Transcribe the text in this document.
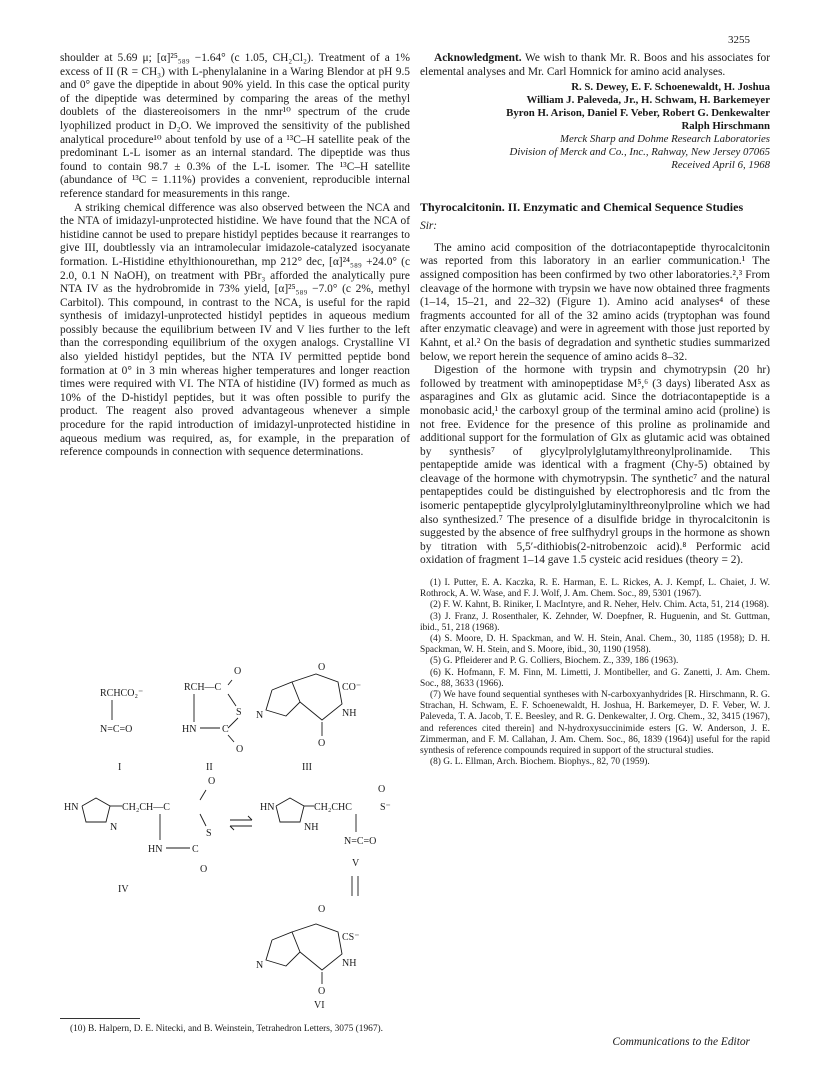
3255

shoulder at 5.69 μ; [α]²⁵₅₈₉ −1.64° (c 1.05, CH₂Cl₂). Treatment of a 1% excess of II (R = CH₃) with L-phenylalanine in a Waring Blendor at pH 9.5 and 0° gave the dipeptide in about 90% yield. In this case the optical purity of the dipeptide was determined by comparing the areas of the methyl doublets of the diastereoisomers in the nmr¹⁰ spectrum of the crude lyophilized product in D₂O. We improved the sensitivity of the published analytical procedure¹⁰ about tenfold by use of a ¹³C–H satellite peak of the predominant L-L isomer as an internal standard. The dipeptide was thus found to contain 98.7 ± 0.3% of the L-L isomer. The ¹³C–H satellite (abundance of ¹³C = 1.11%) provides a convenient, reproducible internal reference standard for measurements in this range.

A striking chemical difference was also observed between the NCA and the NTA of imidazyl-unprotected histidine. We have found that the NCA of histidine cannot be used to prepare histidyl peptides because it rearranges to give III, doubtlessly via an intramolecular imidazole-catalyzed isocyanate formation. L-Histidine ethylthionourethan, mp 212° dec, [α]²⁴₅₈₉ +24.0° (c 2.0, 0.1 N NaOH), on treatment with PBr₃ afforded the analytically pure NTA IV as the hydrobromide in 73% yield, [α]²⁵₅₈₉ −7.0° (c 2%, methyl Carbitol). This compound, in contrast to the NCA, is useful for the rapid synthesis of imidazyl-unprotected histidyl peptides in aqueous medium possibly because the equilibrium between IV and V lies further to the left than the corresponding equilibrium of the oxygen analogs. Crystalline VI also yielded histidyl peptides, but the NTA IV permitted peptide bond formation at 0° in 3 min whereas higher temperatures and longer reaction times were required with VI. The NTA of histidine (IV) formed as much as 10% of the D-histidyl peptides, but it was often possible to purify the product. The reagent also proved advantageous whenever a simple procedure for the rapid introduction of imidazyl-unprotected histidine in aqueous medium was required, as, for example, in the preparation of reference compounds in connection with sequence determinations.

RCHCO₂⁻
N=C=O
I
RCH—C
O
S
HN	C
O
II
O
CO⁻
N	NH
O
III
HN
N
CH₂CH—C
O
S
HN	C
O
IV
HN
NH
CH₂CHC
O
S⁻
N=C=O
V
O
CS⁻
N	NH
O
VI
(10) B. Halpern, D. E. Nitecki, and B. Weinstein, Tetrahedron Letters, 3075 (1967).

Acknowledgment. We wish to thank Mr. R. Boos and his associates for elemental analyses and Mr. Carl Homnick for amino acid analyses.

R. S. Dewey, E. F. Schoenewaldt, H. Joshua
William J. Paleveda, Jr., H. Schwam, H. Barkemeyer
Byron H. Arison, Daniel F. Veber, Robert G. Denkewalter
Ralph Hirschmann
Merck Sharp and Dohme Research Laboratories
Division of Merck and Co., Inc., Rahway, New Jersey 07065
Received April 6, 1968
Thyrocalcitonin. II. Enzymatic and Chemical Sequence Studies
Sir:

The amino acid composition of the dotriacontapeptide thyrocalcitonin was reported from this laboratory in an earlier communication.¹ The assigned composition has been confirmed by two other laboratories.²,³ From cleavage of the hormone with trypsin we have now obtained three fragments (1–14, 15–21, and 22–32) (Figure 1). Amino acid analyses⁴ of these fragments accounted for all of the 32 amino acids (tryptophan was found after enzymatic cleavage) and were in agreement with those just reported by Kahnt, et al.² On the basis of degradation and synthetic studies summarized below, we report herein the sequence of amino acids 8–32.

Digestion of the hormone with trypsin and chymotrypsin (20 hr) followed by treatment with aminopeptidase M⁵,⁶ (3 days) liberated Asx as asparagines and Glx as glutamic acid. Since the dotriacontapeptide is a monobasic acid,¹ the carboxyl group of the terminal amino acid (proline) is not free. Evidence for the presence of this proline as prolinamide and additional support for the formulation of Glx as glutamic acid was obtained by synthesis⁷ of glycylprolylglutamylthreonylprolinamide. This pentapeptide amide was identical with a fragment (Chy-5) obtained by cleavage of the hormone with chymotrypsin. The synthetic⁷ and the natural pentapeptides could be distinguished by electrophoresis and tlc from the isomeric pentapeptide glycylprolylglutaminylthreonylproline which we had also synthesized.⁷ The presence of a disulfide bridge in thyrocalcitonin is suggested by the absence of free sulfhydryl groups in the hormone as shown by titration with 5,5′-dithiobis(2-nitrobenzoic acid).⁸ Performic acid oxidation of fragment 1–14 gave 1.5 cysteic acid residues (theory = 2).

(1) I. Putter, E. A. Kaczka, R. E. Harman, E. L. Rickes, A. J. Kempf, L. Chaiet, J. W. Rothrock, A. W. Wase, and F. J. Wolf, J. Am. Chem. Soc., 89, 5301 (1967).

(2) F. W. Kahnt, B. Riniker, I. MacIntyre, and R. Neher, Helv. Chim. Acta, 51, 214 (1968).

(3) J. Franz, J. Rosenthaler, K. Zehnder, W. Doepfner, R. Huguenin, and St. Guttman, ibid., 51, 218 (1968).

(4) S. Moore, D. H. Spackman, and W. H. Stein, Anal. Chem., 30, 1185 (1958); D. H. Spackman, W. H. Stein, and S. Moore, ibid., 30, 1190 (1958).

(5) G. Pfleiderer and P. G. Colliers, Biochem. Z., 339, 186 (1963).

(6) K. Hofmann, F. M. Finn, M. Limetti, J. Montibeller, and G. Zanetti, J. Am. Chem. Soc., 88, 3633 (1966).

(7) We have found sequential syntheses with N-carboxyanhydrides [R. Hirschmann, R. G. Strachan, H. Schwam, E. F. Schoenewaldt, H. Joshua, H. Barkemeyer, D. F. Veber, W. J. Paleveda, T. A. Jacob, T. E. Beesley, and R. G. Denkewalter, J. Org. Chem., 32, 3415 (1967), and references cited therein] and N-hydroxysuccinimide esters [G. W. Anderson, J. E. Zimmerman, and F. M. Callahan, J. Am. Chem. Soc., 86, 1839 (1964)] useful for the rapid synthesis of reference compounds required in support of the structural studies.

(8) G. L. Ellman, Arch. Biochem. Biophys., 82, 70 (1959).

Communications to the Editor
